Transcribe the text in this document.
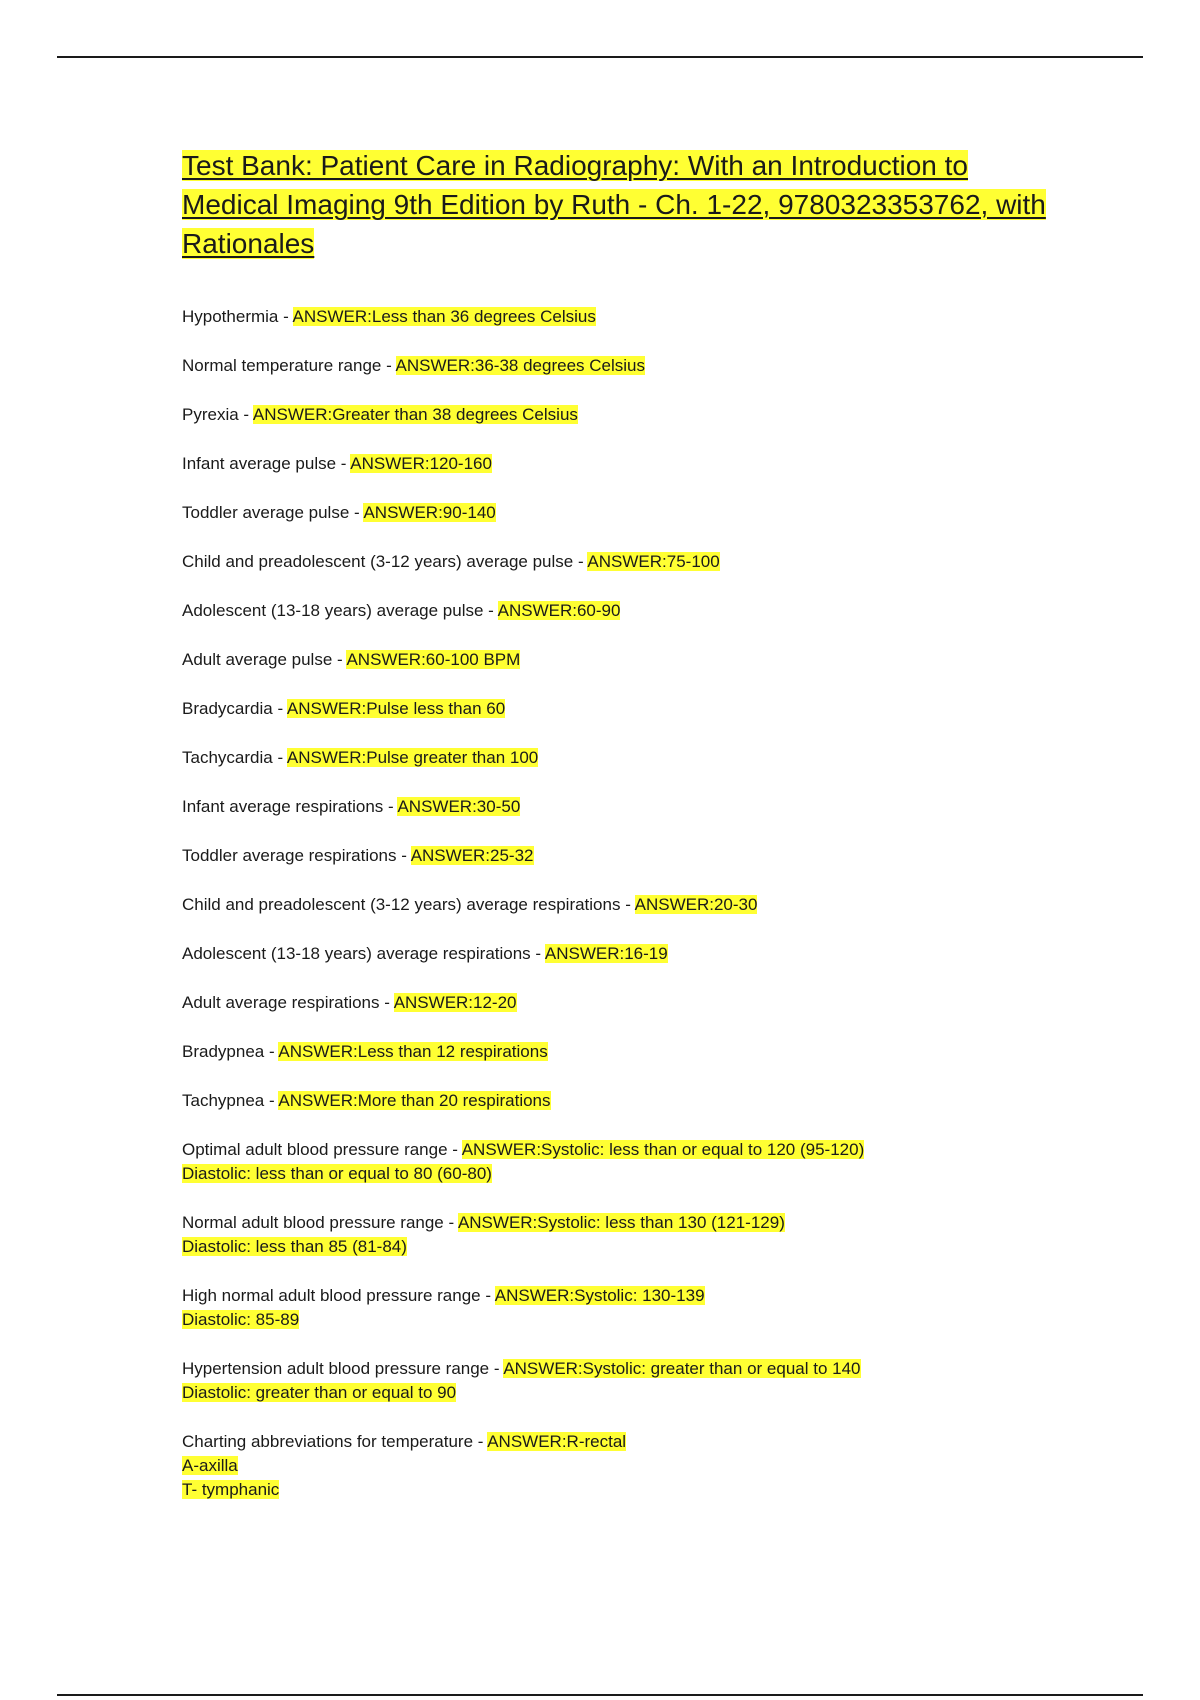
Test Bank: Patient Care in Radiography: With an Introduction to Medical Imaging 9th Edition by Ruth - Ch. 1-22, 9780323353762, with Rationales

Hypothermia - ANSWER:Less than 36 degrees Celsius

Normal temperature range - ANSWER:36-38 degrees Celsius

Pyrexia - ANSWER:Greater than 38 degrees Celsius

Infant average pulse - ANSWER:120-160

Toddler average pulse - ANSWER:90-140

Child and preadolescent (3-12 years) average pulse - ANSWER:75-100

Adolescent (13-18 years) average pulse - ANSWER:60-90

Adult average pulse - ANSWER:60-100 BPM

Bradycardia - ANSWER:Pulse less than 60

Tachycardia - ANSWER:Pulse greater than 100

Infant average respirations - ANSWER:30-50

Toddler average respirations - ANSWER:25-32

Child and preadolescent (3-12 years) average respirations - ANSWER:20-30

Adolescent (13-18 years) average respirations - ANSWER:16-19

Adult average respirations - ANSWER:12-20

Bradypnea - ANSWER:Less than 12 respirations

Tachypnea - ANSWER:More than 20 respirations

Optimal adult blood pressure range - ANSWER:Systolic: less than or equal to 120 (95-120)
Diastolic: less than or equal to 80 (60-80)

Normal adult blood pressure range - ANSWER:Systolic: less than 130 (121-129)
Diastolic: less than 85 (81-84)

High normal adult blood pressure range - ANSWER:Systolic: 130-139
Diastolic: 85-89

Hypertension adult blood pressure range - ANSWER:Systolic: greater than or equal to 140
Diastolic: greater than or equal to 90

Charting abbreviations for temperature - ANSWER:R-rectal
A-axilla
T- tymphanic
